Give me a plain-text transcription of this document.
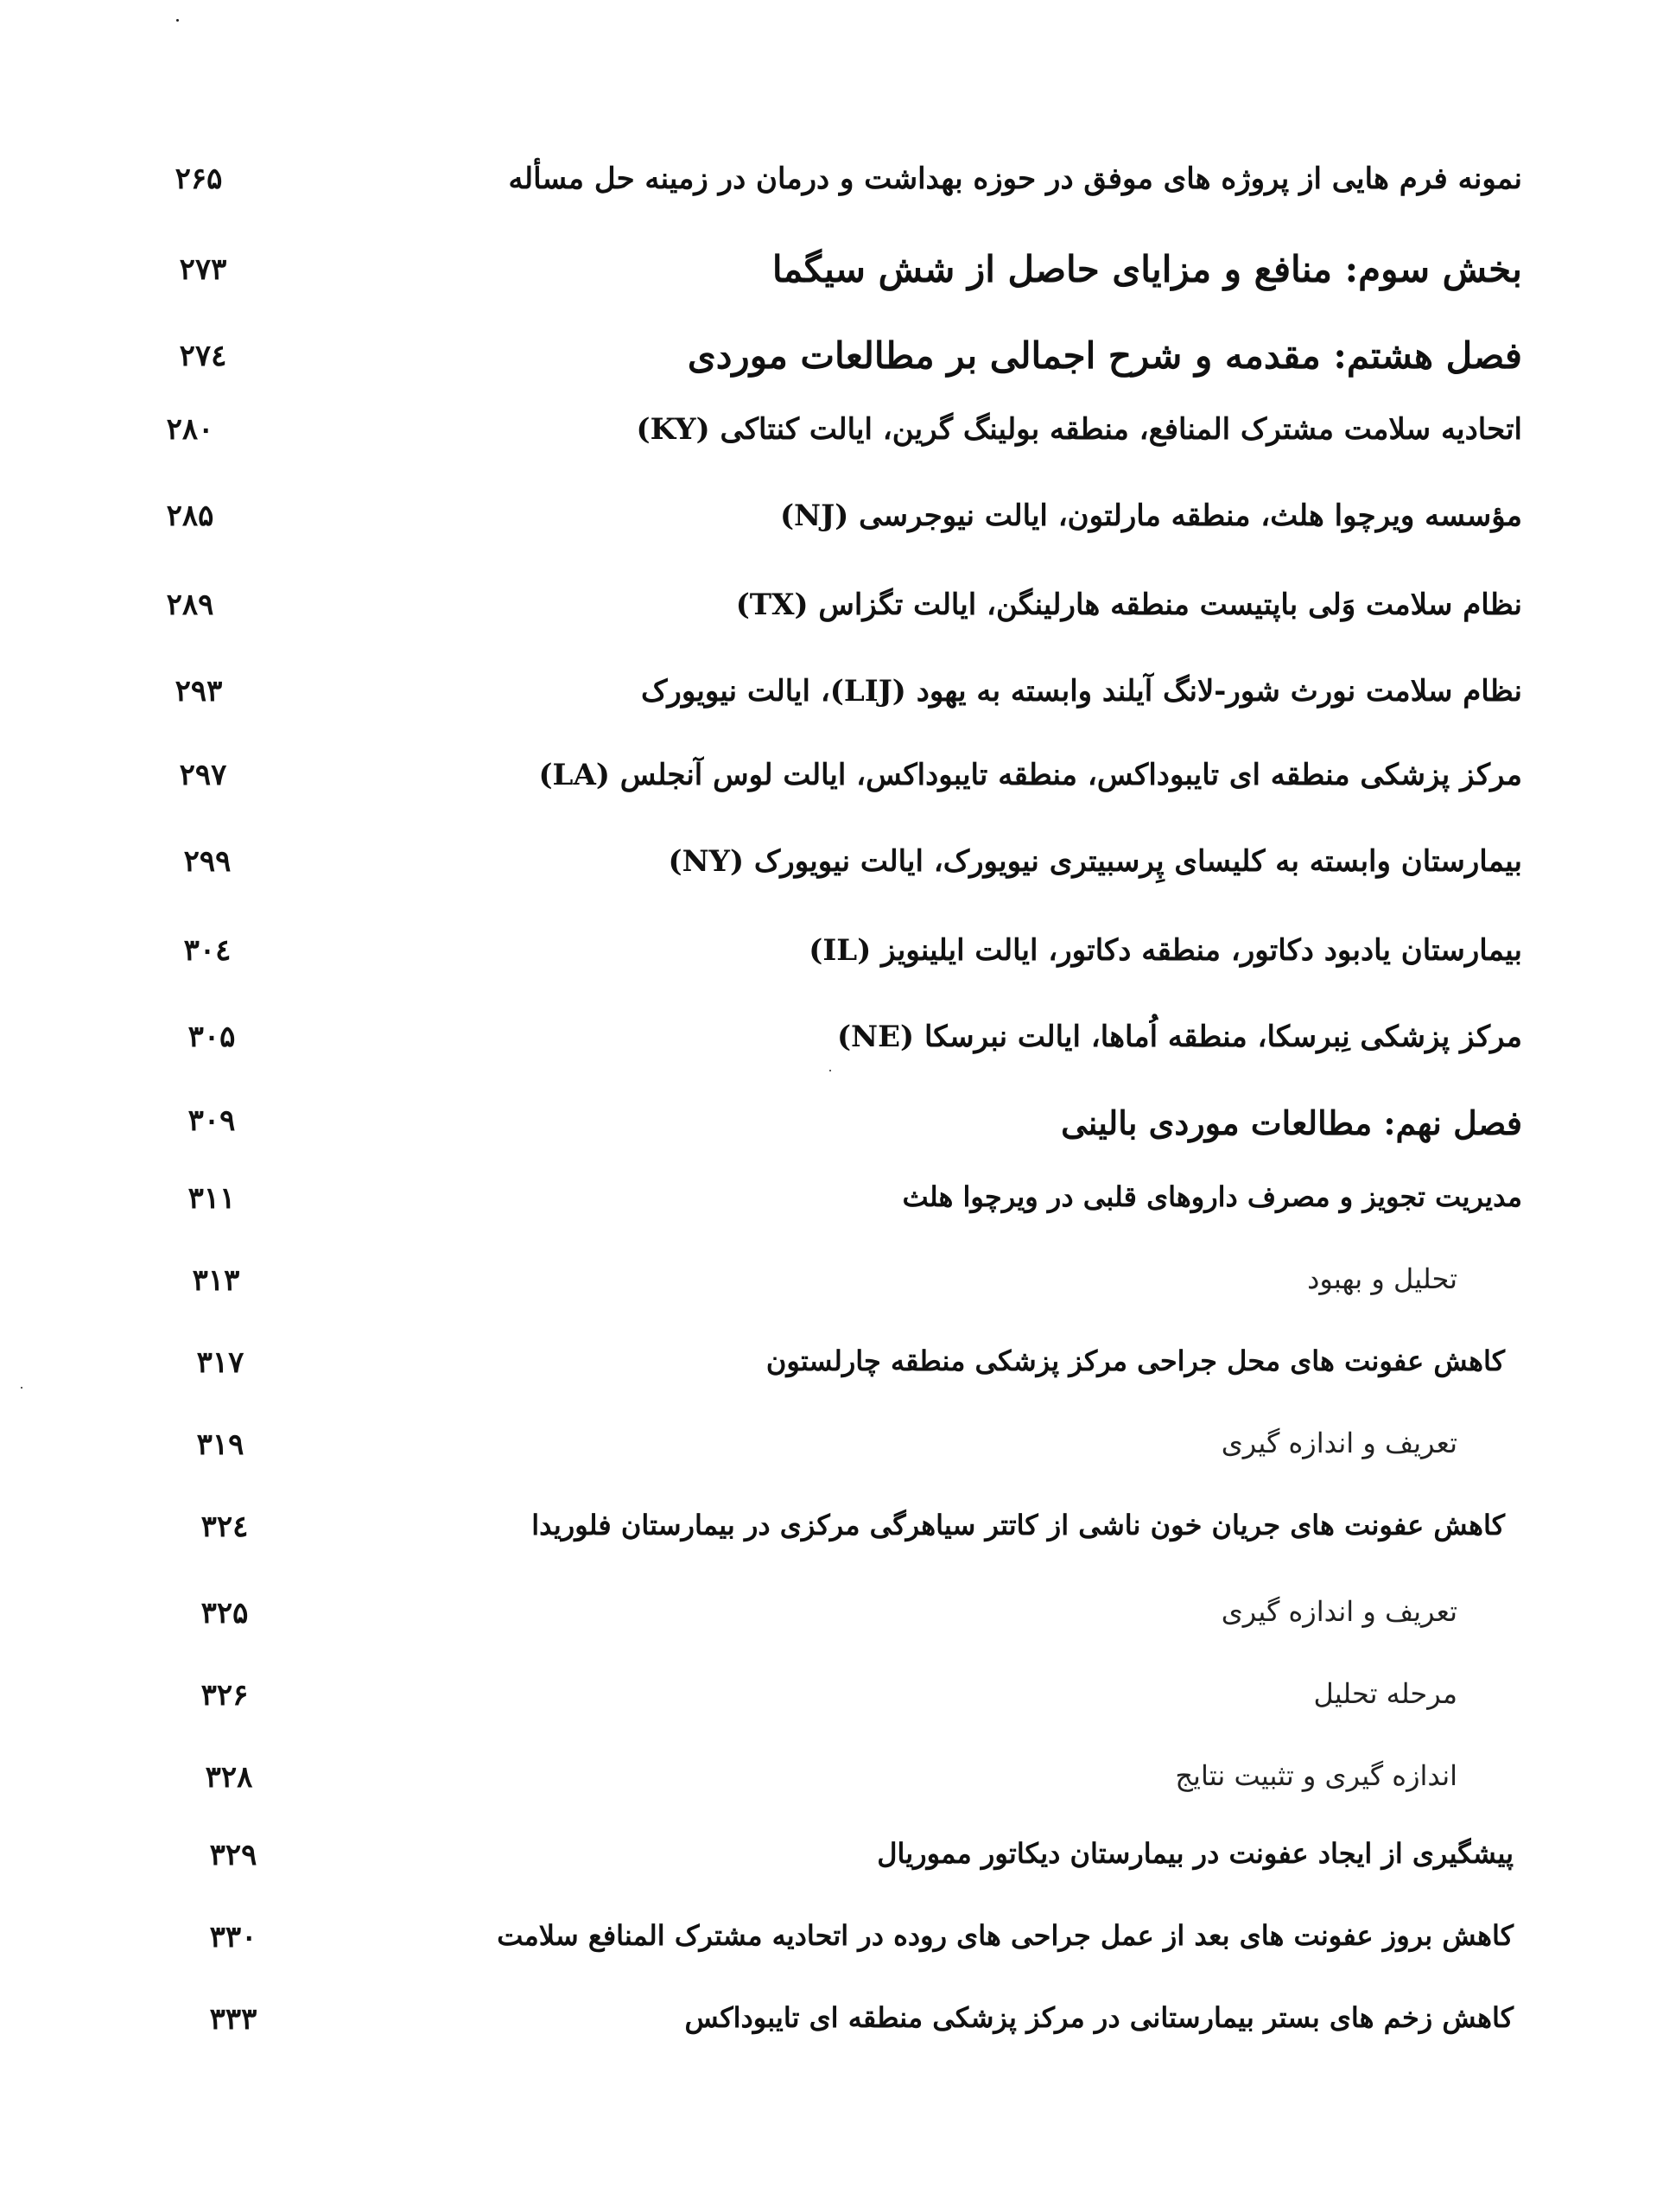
نمونه فرم هایی از پروژه های موفق در حوزه بهداشت و درمان در زمینه حل مسأله
۲۶۵
بخش سوم: منافع و مزایای حاصل از شش سیگما
۲۷۳
فصل هشتم: مقدمه و شرح اجمالی بر مطالعات موردی
۲۷٤
اتحادیه سلامت مشترک المنافع، منطقه بولینگ گرین، ایالت کنتاکی (KY)
۲۸۰
مؤسسه ویرچوا هلث، منطقه مارلتون، ایالت نیوجرسی (NJ)
۲۸۵
نظام سلامت وَلی باپتیست منطقه هارلینگن، ایالت تگزاس (TX)
۲۸۹
نظام سلامت نورث شور-لانگ آیلند وابسته به یهود (LIJ)، ایالت نیویورک
۲۹۳
مرکز پزشکی منطقه ای تایبوداکس، منطقه تایبوداکس، ایالت لوس آنجلس (LA)
۲۹۷
بیمارستان وابسته به کلیسای پِرسبیتری نیویورک، ایالت نیویورک (NY)
۲۹۹
بیمارستان یادبود دکاتور، منطقه دکاتور، ایالت ایلینویز (IL)
۳۰٤
مرکز پزشکی نِبرسکا، منطقه اُماها، ایالت نبرسکا (NE)
۳۰۵
فصل نهم: مطالعات موردی بالینی
۳۰۹
مدیریت تجویز و مصرف داروهای قلبی در ویرچوا هلث
۳۱۱
تحلیل و بهبود
۳۱۳
کاهش عفونت های محل جراحی مرکز پزشکی منطقه چارلستون
۳۱۷
تعریف و اندازه گیری
۳۱۹
کاهش عفونت های جریان خون ناشی از کاتتر سیاهرگی مرکزی در بیمارستان فلوریدا
۳۲٤
تعریف و اندازه گیری
۳۲۵
مرحله تحلیل
۳۲۶
اندازه گیری و تثبیت نتایج
۳۲۸
پیشگیری از ایجاد عفونت در بیمارستان دیکاتور مموریال
۳۲۹
کاهش بروز عفونت های بعد از عمل جراحی های روده در اتحادیه مشترک المنافع سلامت
۳۳۰
کاهش زخم های بستر بیمارستانی در مرکز پزشکی منطقه ای تایبوداکس
۳۳۳
